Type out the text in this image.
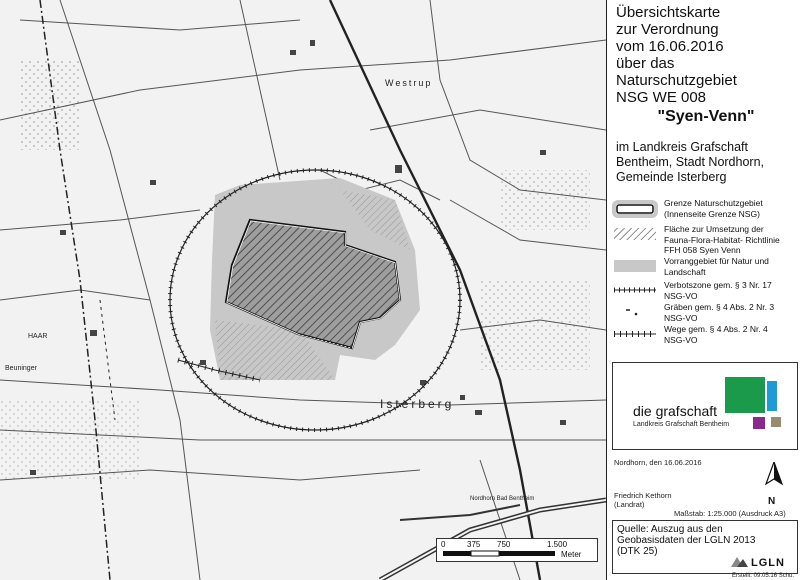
Westrup
Isterberg
HAAR
Beuninger
Nordhorn Bad Bentheim
0	375 750	1.500
Meter
Übersichtskarte
zur Verordnung
vom 16.06.2016
über das
Naturschutzgebiet
NSG WE 008
"Syen-Venn"
im Landkreis Grafschaft
Bentheim, Stadt Nordhorn,
Gemeinde Isterberg
Grenze Naturschutzgebiet
(Innenseite Grenze NSG)
Fläche zur Umsetzung der
Fauna-Flora-Habitat- Richtlinie
FFH 058 Syen Venn
Vorranggebiet für Natur und
Landschaft
Verbotszone gem. § 3 Nr. 17
NSG-VO
Gräben gem. § 4 Abs. 2 Nr. 3
NSG-VO
Wege gem. § 4 Abs. 2 Nr. 4
NSG-VO
die grafschaft
Landkreis Grafschaft Bentheim
Nordhorn, den 16.06.2016
N
Friedrich Kethorn
(Landrat)
Maßstab: 1:25.000 (Ausdruck A3)
Quelle: Auszug aus den
Geobasisdaten der LGLN 2013
(DTK 25)
LGLN
Erstellt: 09.05.16 Schu.
